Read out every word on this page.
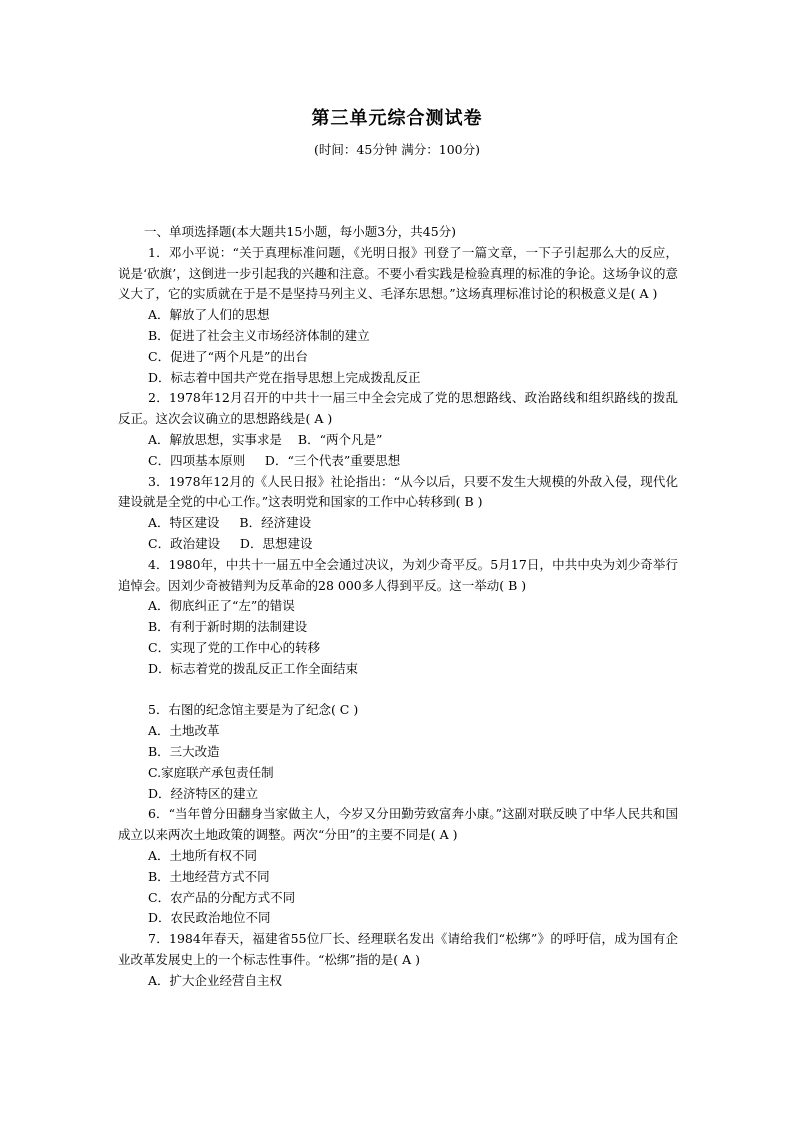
第三单元综合测试卷
(时间：45分钟 满分：100分)
一、单项选择题(本大题共15小题，每小题3分，共45分)
1．邓小平说：“关于真理标准问题，《光明日报》刊登了一篇文章，一下子引起那么大的反应，说是‘砍旗’，这倒进一步引起我的兴趣和注意。不要小看实践是检验真理的标准的争论。这场争议的意义大了，它的实质就在于是不是坚持马列主义、毛泽东思想。”这场真理标准讨论的积极意义是( A )
A．解放了人们的思想
B．促进了社会主义市场经济体制的建立
C．促进了“两个凡是”的出台
D．标志着中国共产党在指导思想上完成拨乱反正
2．1978年12月召开的中共十一届三中全会完成了党的思想路线、政治路线和组织路线的拨乱反正。这次会议确立的思想路线是( A )
A．解放思想，实事求是    B．“两个凡是”
C．四项基本原则     D．“三个代表”重要思想
3．1978年12月的《人民日报》社论指出：“从今以后，只要不发生大规模的外敌入侵，现代化建设就是全党的中心工作。”这表明党和国家的工作中心转移到( B )
A．特区建设     B．经济建设
C．政治建设     D．思想建设
4．1980年，中共十一届五中全会通过决议，为刘少奇平反。5月17日，中共中央为刘少奇举行追悼会。因刘少奇被错判为反革命的28 000多人得到平反。这一举动( B )
A．彻底纠正了“左”的错误
B．有利于新时期的法制建设
C．实现了党的工作中心的转移
D．标志着党的拨乱反正工作全面结束
5．右图的纪念馆主要是为了纪念( C )
A．土地改革
B．三大改造
C.家庭联产承包责任制
D．经济特区的建立
6．“当年曾分田翻身当家做主人，今岁又分田勤劳致富奔小康。”这副对联反映了中华人民共和国成立以来两次土地政策的调整。两次“分田”的主要不同是( A )
A．土地所有权不同
B．土地经营方式不同
C．农产品的分配方式不同
D．农民政治地位不同
7．1984年春天，福建省55位厂长、经理联名发出《请给我们“松绑”》的呼吁信，成为国有企业改革发展史上的一个标志性事件。“松绑”指的是( A )
A．扩大企业经营自主权
